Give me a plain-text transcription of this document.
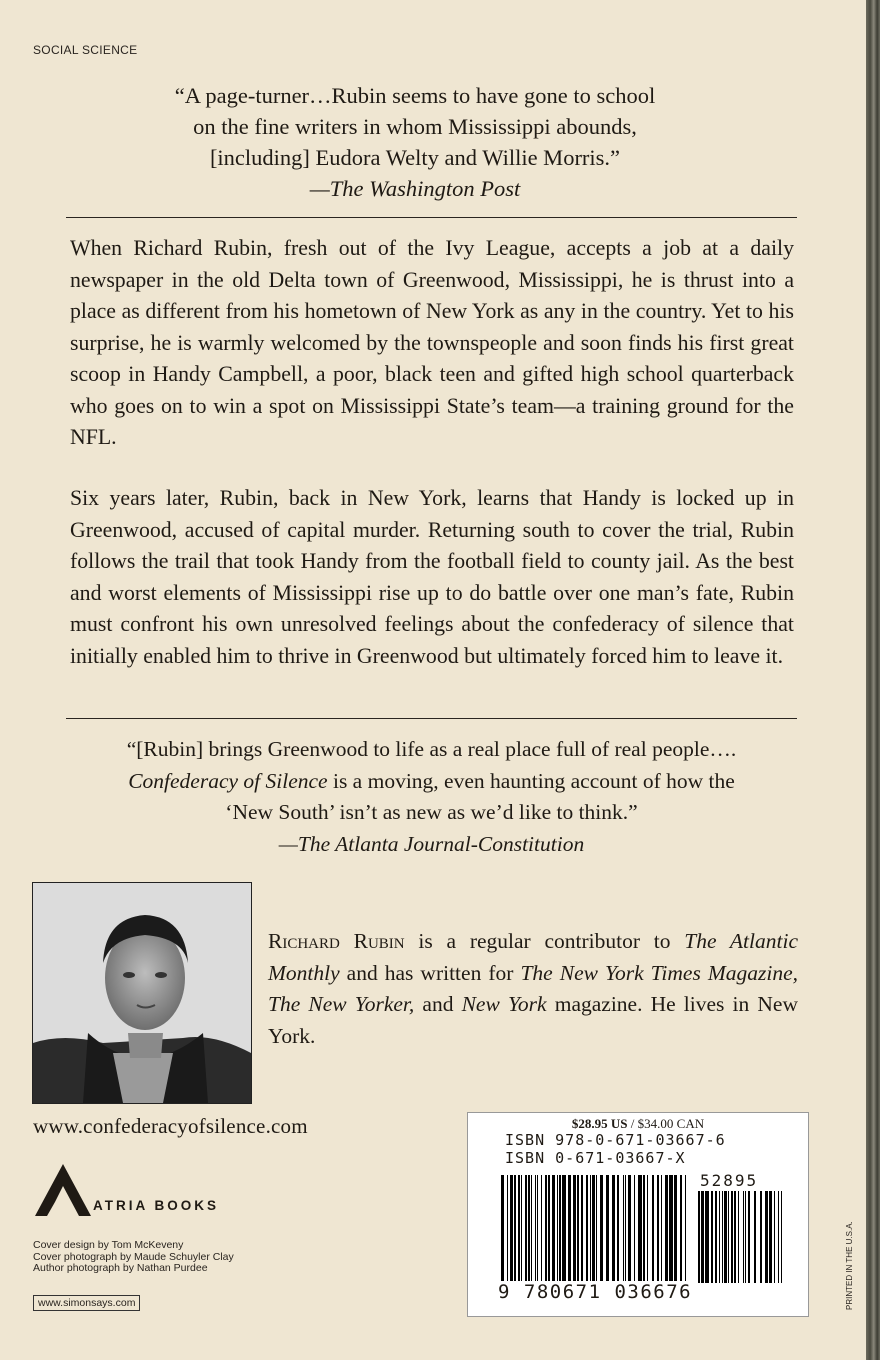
SOCIAL SCIENCE
“A page-turner…Rubin seems to have gone to school
on the fine writers in whom Mississippi abounds,
[including] Eudora Welty and Willie Morris.”
—The Washington Post
When Richard Rubin, fresh out of the Ivy League, accepts a job at a daily newspaper in the old Delta town of Greenwood, Mississippi, he is thrust into a place as different from his hometown of New York as any in the country. Yet to his surprise, he is warmly welcomed by the townspeople and soon finds his first great scoop in Handy Campbell, a poor, black teen and gifted high school quarterback who goes on to win a spot on Mississippi State’s team—a training ground for the NFL.
Six years later, Rubin, back in New York, learns that Handy is locked up in Greenwood, accused of capital murder. Returning south to cover the trial, Rubin follows the trail that took Handy from the football field to county jail. As the best and worst elements of Mississippi rise up to do battle over one man’s fate, Rubin must confront his own unresolved feelings about the confederacy of silence that initially enabled him to thrive in Greenwood but ultimately forced him to leave it.
“[Rubin] brings Greenwood to life as a real place full of real people….
Confederacy of Silence is a moving, even haunting account of how the
‘New South’ isn’t as new as we’d like to think.”
—The Atlanta Journal-Constitution
Richard Rubin is a regular contributor to The Atlantic Monthly and has written for The New York Times Magazine, The New Yorker, and New York magazine. He lives in New York.
www.confederacyofsilence.com
ATRIA BOOKS
Cover design by Tom McKeveny
Cover photograph by Maude Schuyler Clay
Author photograph by Nathan Purdee
www.simonsays.com
$28.95 US / $34.00 CAN
ISBN 978-0-671-03667-6
ISBN 0-671-03667-X
52895
9 780671 036676	PRINTED IN THE U.S.A.
